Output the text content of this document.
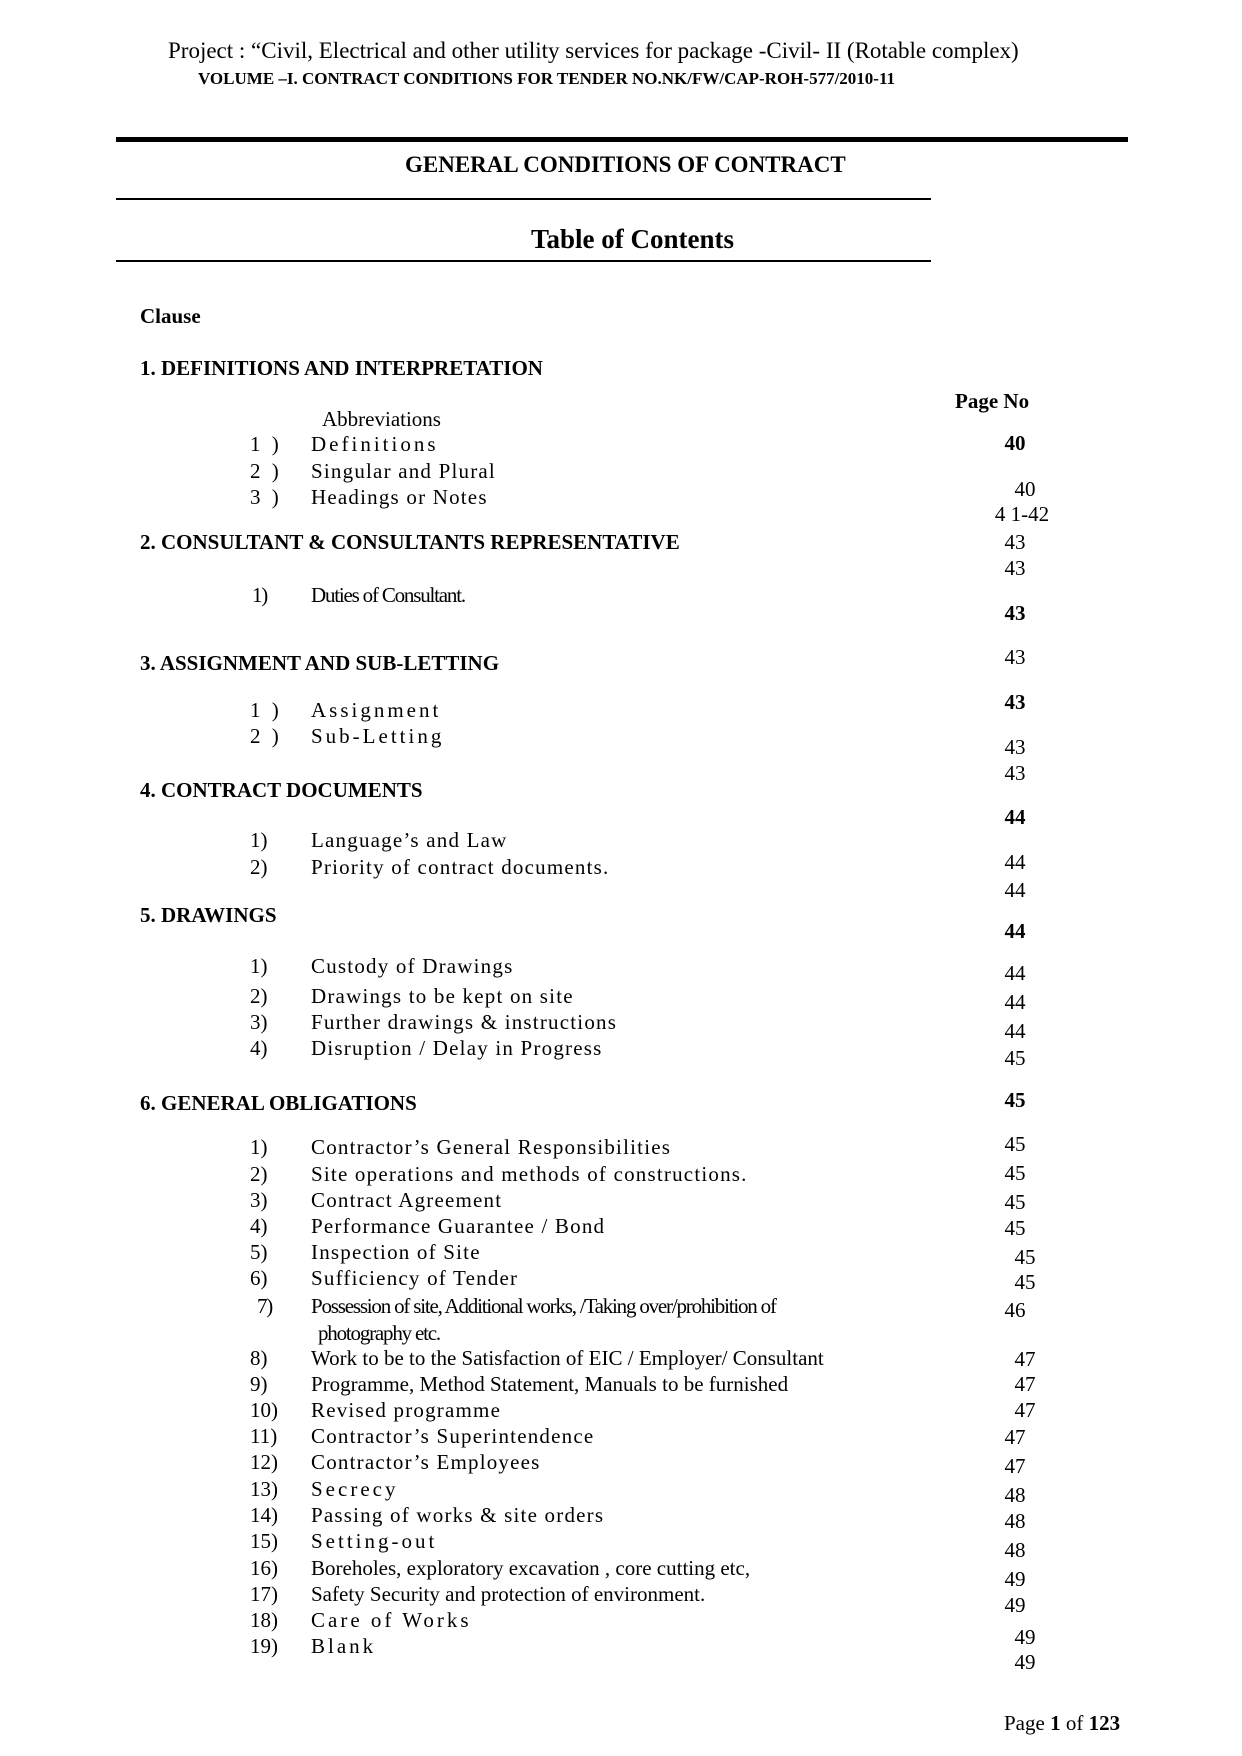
Project : “Civil, Electrical and other utility services for package -Civil- II (Rotable complex)
VOLUME –I. CONTRACT CONDITIONS FOR TENDER NO.NK/FW/CAP-ROH-577/2010-11
GENERAL CONDITIONS OF CONTRACT
Table of Contents
Clause
Page No
1. DEFINITIONS AND INTERPRETATION
Abbreviations
1 ) Definitions
2 ) Singular and Plural
3 ) Headings or Notes
2. CONSULTANT & CONSULTANTS REPRESENTATIVE
1) Duties of Consultant.
3. ASSIGNMENT AND SUB-LETTING
1 ) Assignment
2 ) Sub-Letting
4. CONTRACT DOCUMENTS
1) Language’s and Law
2) Priority of contract documents.
5. DRAWINGS
1) Custody of Drawings
2) Drawings to be kept on site
3) Further drawings & instructions
4) Disruption / Delay in Progress
6. GENERAL OBLIGATIONS
1) Contractor’s General Responsibilities
2) Site operations and methods of constructions.
3) Contract Agreement
4) Performance Guarantee / Bond
5) Inspection of Site
6) Sufficiency of Tender
7) Possession of site, Additional works, /Taking over/prohibition of
photography etc.
8) Work to be to the Satisfaction of EIC / Employer/ Consultant
9) Programme, Method Statement, Manuals to be furnished
10) Revised programme
11) Contractor’s Superintendence
12) Contractor’s Employees
13) Secrecy
14) Passing of works & site orders
15) Setting-out
16) Boreholes, exploratory excavation , core cutting etc,
17) Safety Security and protection of environment.
18) Care of Works
19) Blank
40
40
4 1-42
43
43
43
43
43
43
43
44
44
44
44
44
44
44
45
45
45
45
45
45
45
45
46
47
47
47
47
47
48
48
48
49
49
49
49
Page 1 of 123
